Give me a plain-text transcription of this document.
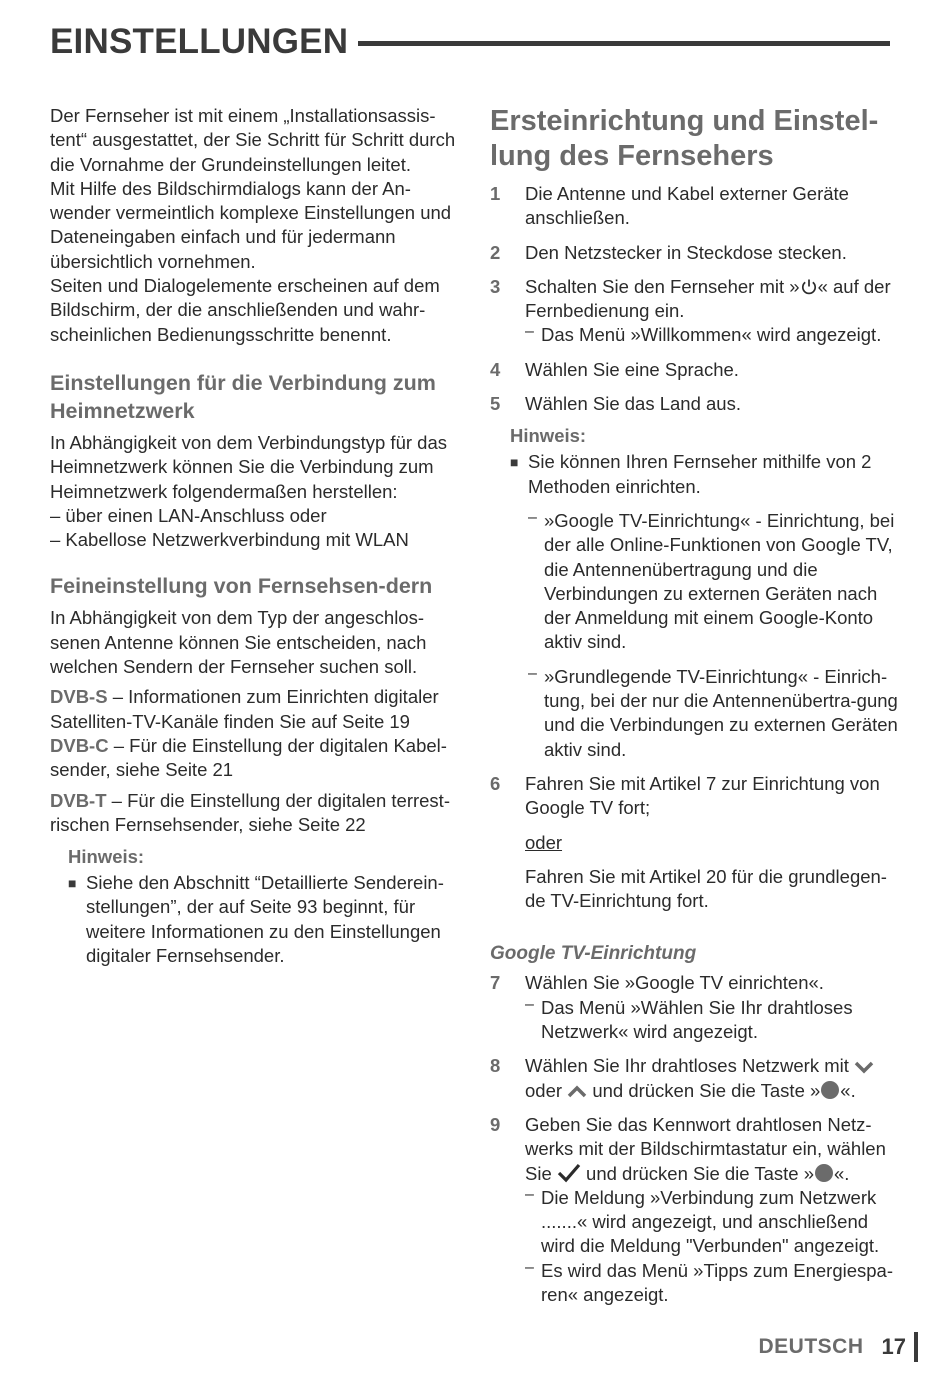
EINSTELLUNGEN

Der Fernseher ist mit einem „Installationsassis-tent“ ausgestattet, der Sie Schritt für Schritt durch die Vornahme der Grundeinstellungen leitet.

Mit Hilfe des Bildschirmdialogs kann der An-wender vermeintlich komplexe Einstellungen und Dateneingaben einfach und für jedermann übersichtlich vornehmen.

Seiten und Dialogelemente erscheinen auf dem Bildschirm, der die anschließenden und wahr-scheinlichen Bedienungsschritte benennt.

Einstellungen für die Verbindung zum Heimnetzwerk

In Abhängigkeit von dem Verbindungstyp für das Heimnetzwerk können Sie die Verbindung zum Heimnetzwerk folgendermaßen herstellen:

– über einen LAN-Anschluss oder

– Kabellose Netzwerkverbindung mit WLAN

Feineinstellung von Fernsehsen-dern

In Abhängigkeit von dem Typ der angeschlos-senen Antenne können Sie entscheiden, nach welchen Sendern der Fernseher suchen soll.

DVB-S – Informationen zum Einrichten digitaler Satelliten-TV-Kanäle finden Sie auf Seite 19

DVB-C – Für die Einstellung der digitalen Kabel-sender, siehe Seite 21

DVB-T – Für die Einstellung der digitalen terrest-rischen Fernsehsender, siehe Seite 22

Hinweis:
■ Siehe den Abschnitt “Detaillierte Senderein-stellungen”, der auf Seite 93 beginnt, für weitere Informationen zu den Einstellungen digitaler Fernsehsender.

Ersteinrichtung und Einstel-lung des Fernsehers
1	Die Antenne und Kabel externer Geräte anschließen.

2	Den Netzstecker in Steckdose stecken.

3	Schalten Sie den Fernseher mit » « auf der Fernbedienung ein.

– Das Menü »Willkommen« wird angezeigt.

4	Wählen Sie eine Sprache.

5	Wählen Sie das Land aus.

Hinweis:
■ Sie können Ihren Fernseher mithilfe von 2 Methoden einrichten.

– »Google TV-Einrichtung« - Einrichtung, bei der alle Online-Funktionen von Google TV, die Antennenübertragung und die Verbindungen zu externen Geräten nach der Anmeldung mit einem Google-Konto aktiv sind.

– »Grundlegende TV-Einrichtung« - Einrich-tung, bei der nur die Antennenübertra-gung und die Verbindungen zu externen Geräten aktiv sind.

6	Fahren Sie mit Artikel 7 zur Einrichtung von Google TV fort;

oder

Fahren Sie mit Artikel 20 für die grundlegen-de TV-Einrichtung fort.

Google TV-Einrichtung
7	Wählen Sie »Google TV einrichten«.

– Das Menü »Wählen Sie Ihr drahtloses Netzwerk« wird angezeigt.

8	Wählen Sie Ihr drahtloses Netzwerk mit
oder und drücken Sie die Taste » «.

9	Geben Sie das Kennwort drahtlosen Netz-werks mit der Bildschirmtastatur ein, wählen Sie und drücken Sie die Taste » «.

– Die Meldung »Verbindung zum Netzwerk .......« wird angezeigt, und anschließend wird die Meldung "Verbunden" angezeigt.

– Es wird das Menü »Tipps zum Energiespa-ren« angezeigt.

DEUTSCH 17
